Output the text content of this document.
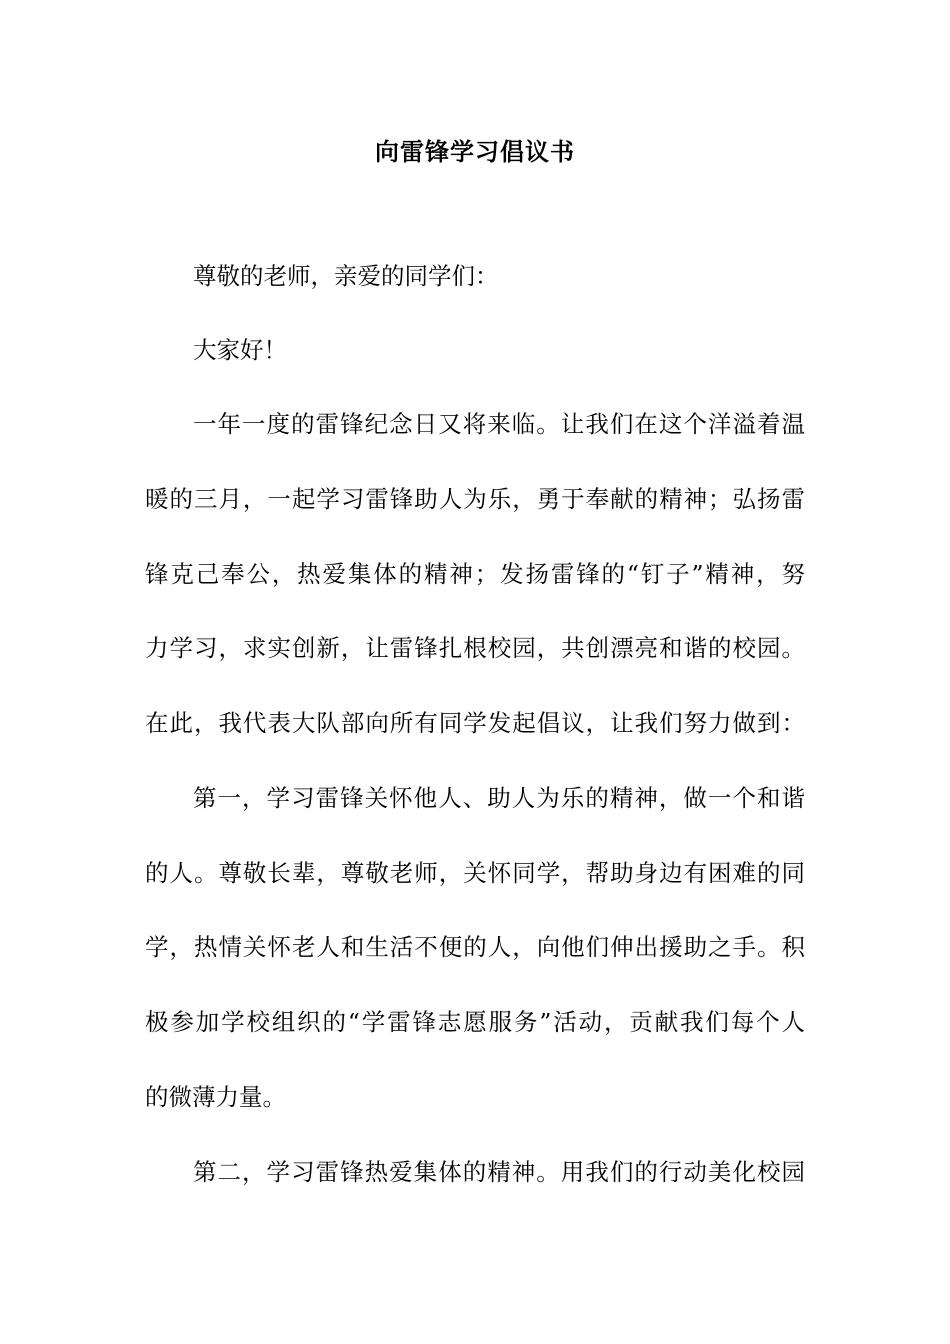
向雷锋学习倡议书
尊敬的老师，亲爱的同学们：
大家好！
一年一度的雷锋纪念日又将来临。让我们在这个洋溢着温
暖的三月，一起学习雷锋助人为乐，勇于奉献的精神；弘扬雷
锋克己奉公，热爱集体的精神；发扬雷锋的“钉子”精神，努
力学习，求实创新，让雷锋扎根校园，共创漂亮和谐的校园。
在此，我代表大队部向所有同学发起倡议，让我们努力做到：
第一，学习雷锋关怀他人、助人为乐的精神，做一个和谐
的人。尊敬长辈，尊敬老师，关怀同学，帮助身边有困难的同
学，热情关怀老人和生活不便的人，向他们伸出援助之手。积
极参加学校组织的“学雷锋志愿服务”活动，贡献我们每个人
的微薄力量。
第二，学习雷锋热爱集体的精神。用我们的行动美化校园
